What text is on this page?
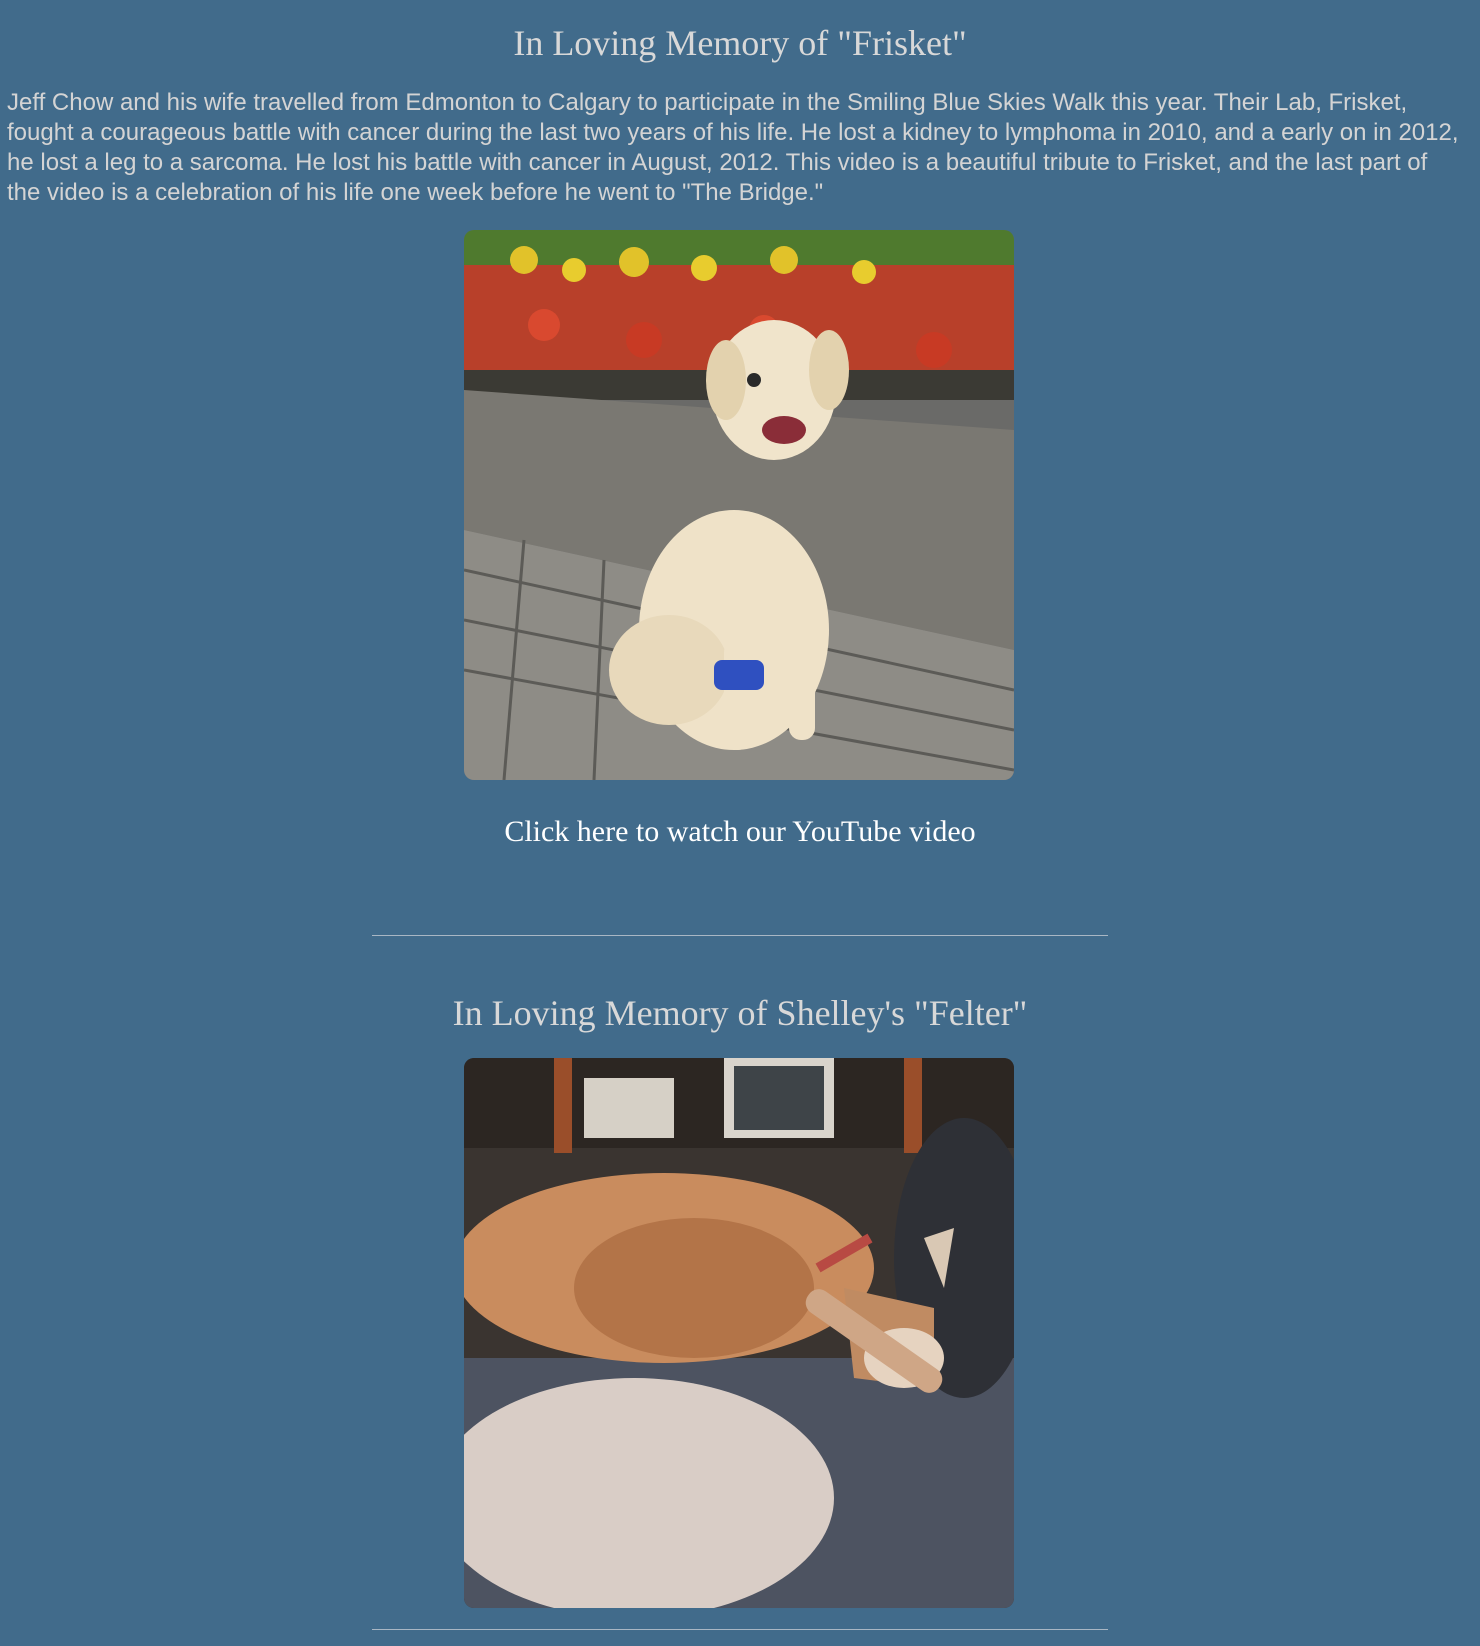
In Loving Memory of "Frisket"

Jeff Chow and his wife travelled from Edmonton to Calgary to participate in the Smiling Blue Skies Walk this year. Their Lab, Frisket, fought a courageous battle with cancer during the last two years of his life. He lost a kidney to lymphoma in 2010, and a early on in 2012, he lost a leg to a sarcoma. He lost his battle with cancer in August, 2012. This video is a beautiful tribute to Frisket, and the last part of the video is a celebration of his life one week before he went to "The Bridge."

Click here to watch our YouTube video
In Loving Memory of Shelley's "Felter"
